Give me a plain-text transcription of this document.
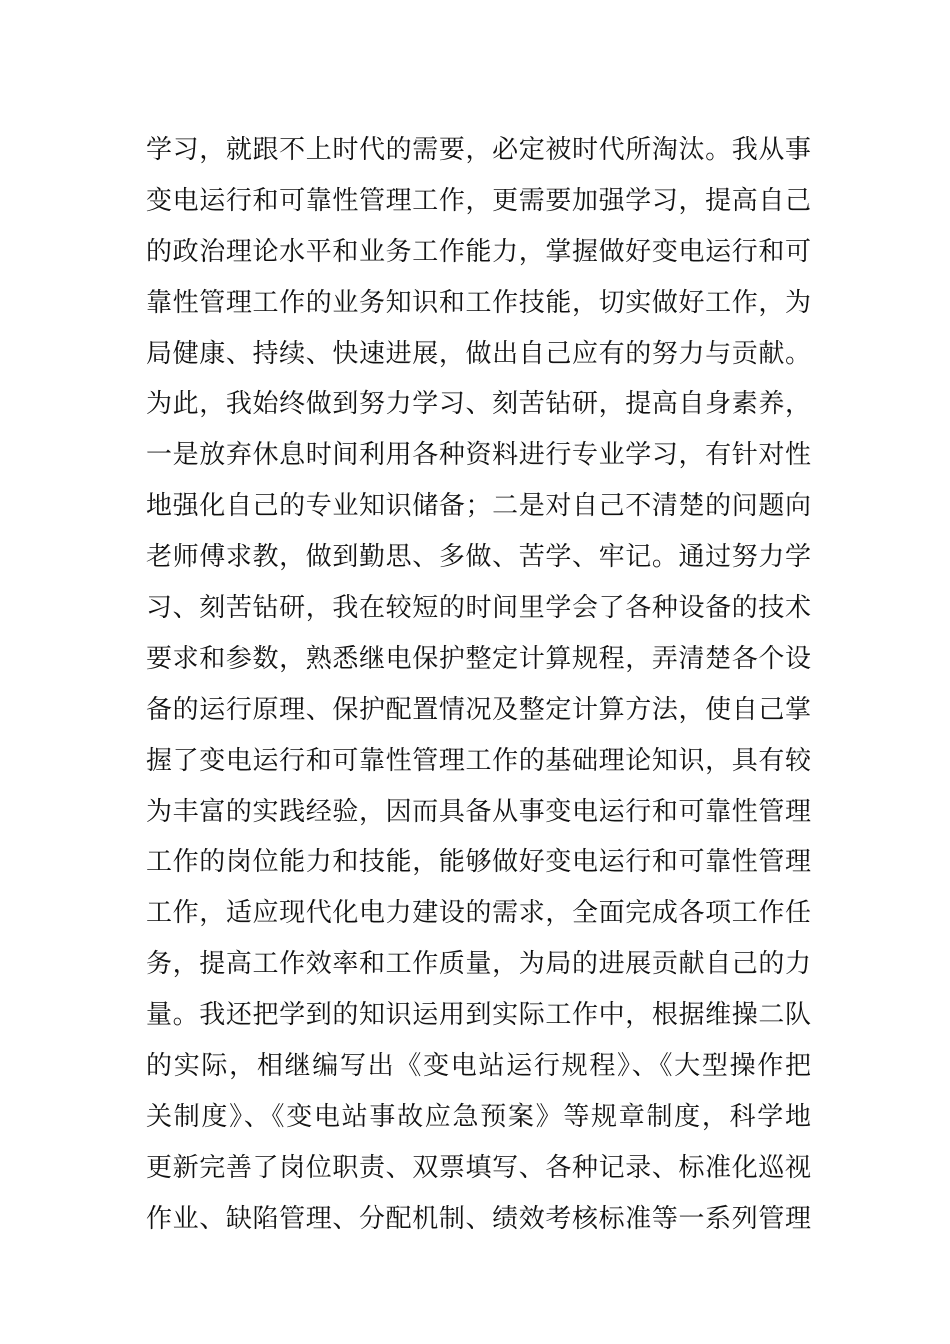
学习，就跟不上时代的需要，必定被时代所淘汰。我从事
变电运行和可靠性管理工作，更需要加强学习，提高自己
的政治理论水平和业务工作能力，掌握做好变电运行和可
靠性管理工作的业务知识和工作技能，切实做好工作，为
局健康、持续、快速进展，做出自己应有的努力与贡献。
为此，我始终做到努力学习、刻苦钻研，提高自身素养，
一是放弃休息时间利用各种资料进行专业学习，有针对性
地强化自己的专业知识储备；二是对自己不清楚的问题向
老师傅求教，做到勤思、多做、苦学、牢记。通过努力学
习、刻苦钻研，我在较短的时间里学会了各种设备的技术
要求和参数，熟悉继电保护整定计算规程，弄清楚各个设
备的运行原理、保护配置情况及整定计算方法，使自己掌
握了变电运行和可靠性管理工作的基础理论知识，具有较
为丰富的实践经验，因而具备从事变电运行和可靠性管理
工作的岗位能力和技能，能够做好变电运行和可靠性管理
工作，适应现代化电力建设的需求，全面完成各项工作任
务，提高工作效率和工作质量，为局的进展贡献自己的力
量。我还把学到的知识运用到实际工作中，根据维操二队
的实际，相继编写出《变电站运行规程》、《大型操作把
关制度》、《变电站事故应急预案》等规章制度，科学地
更新完善了岗位职责、双票填写、各种记录、标准化巡视
作业、缺陷管理、分配机制、绩效考核标准等一系列管理
